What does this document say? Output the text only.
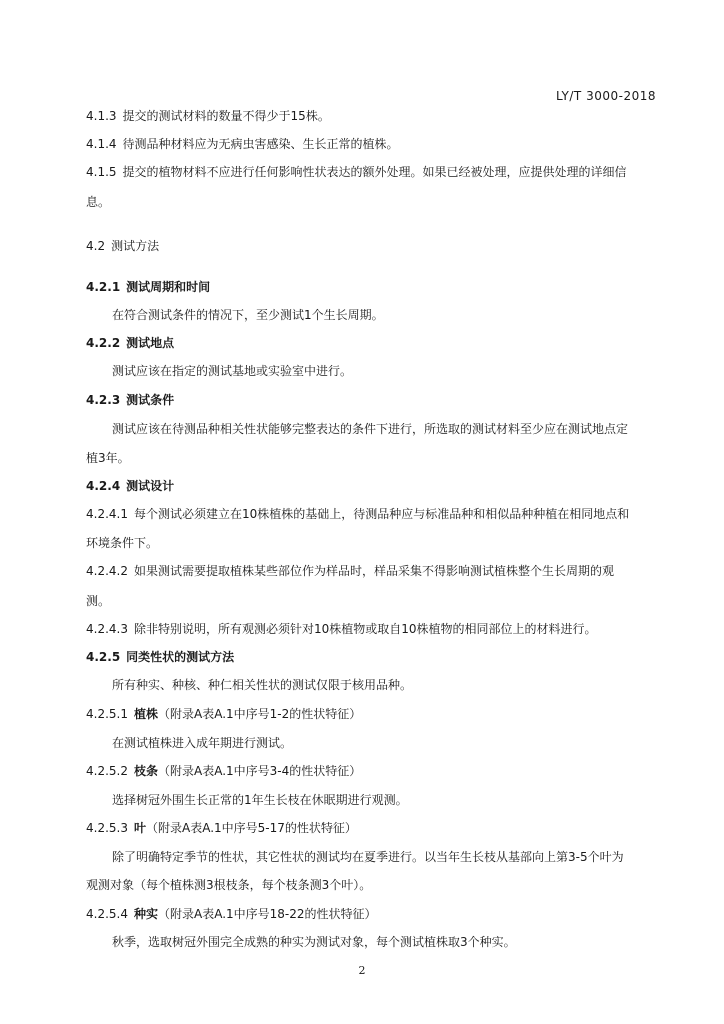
LY/T 3000-2018
4.1.3 提交的测试材料的数量不得少于15株。
4.1.4 待测品种材料应为无病虫害感染、生长正常的植株。
4.1.5 提交的植物材料不应进行任何影响性状表达的额外处理。如果已经被处理，应提供处理的详细信
息。
4.2 测试方法
4.2.1 测试周期和时间
在符合测试条件的情况下，至少测试1个生长周期。
4.2.2 测试地点
测试应该在指定的测试基地或实验室中进行。
4.2.3 测试条件
测试应该在待测品种相关性状能够完整表达的条件下进行，所选取的测试材料至少应在测试地点定
植3年。
4.2.4 测试设计
4.2.4.1 每个测试必须建立在10株植株的基础上，待测品种应与标准品种和相似品种种植在相同地点和
环境条件下。
4.2.4.2 如果测试需要提取植株某些部位作为样品时，样品采集不得影响测试植株整个生长周期的观
测。
4.2.4.3 除非特别说明，所有观测必须针对10株植物或取自10株植物的相同部位上的材料进行。
4.2.5 同类性状的测试方法
所有种实、种核、种仁相关性状的测试仅限于核用品种。
4.2.5.1 植株（附录A表A.1中序号1-2的性状特征）
在测试植株进入成年期进行测试。
4.2.5.2 枝条（附录A表A.1中序号3-4的性状特征）
选择树冠外围生长正常的1年生长枝在休眠期进行观测。
4.2.5.3 叶（附录A表A.1中序号5-17的性状特征）
除了明确特定季节的性状，其它性状的测试均在夏季进行。以当年生长枝从基部向上第3-5个叶为
观测对象（每个植株测3根枝条，每个枝条测3个叶）。
4.2.5.4 种实（附录A表A.1中序号18-22的性状特征）
秋季，选取树冠外围完全成熟的种实为测试对象，每个测试植株取3个种实。
2
